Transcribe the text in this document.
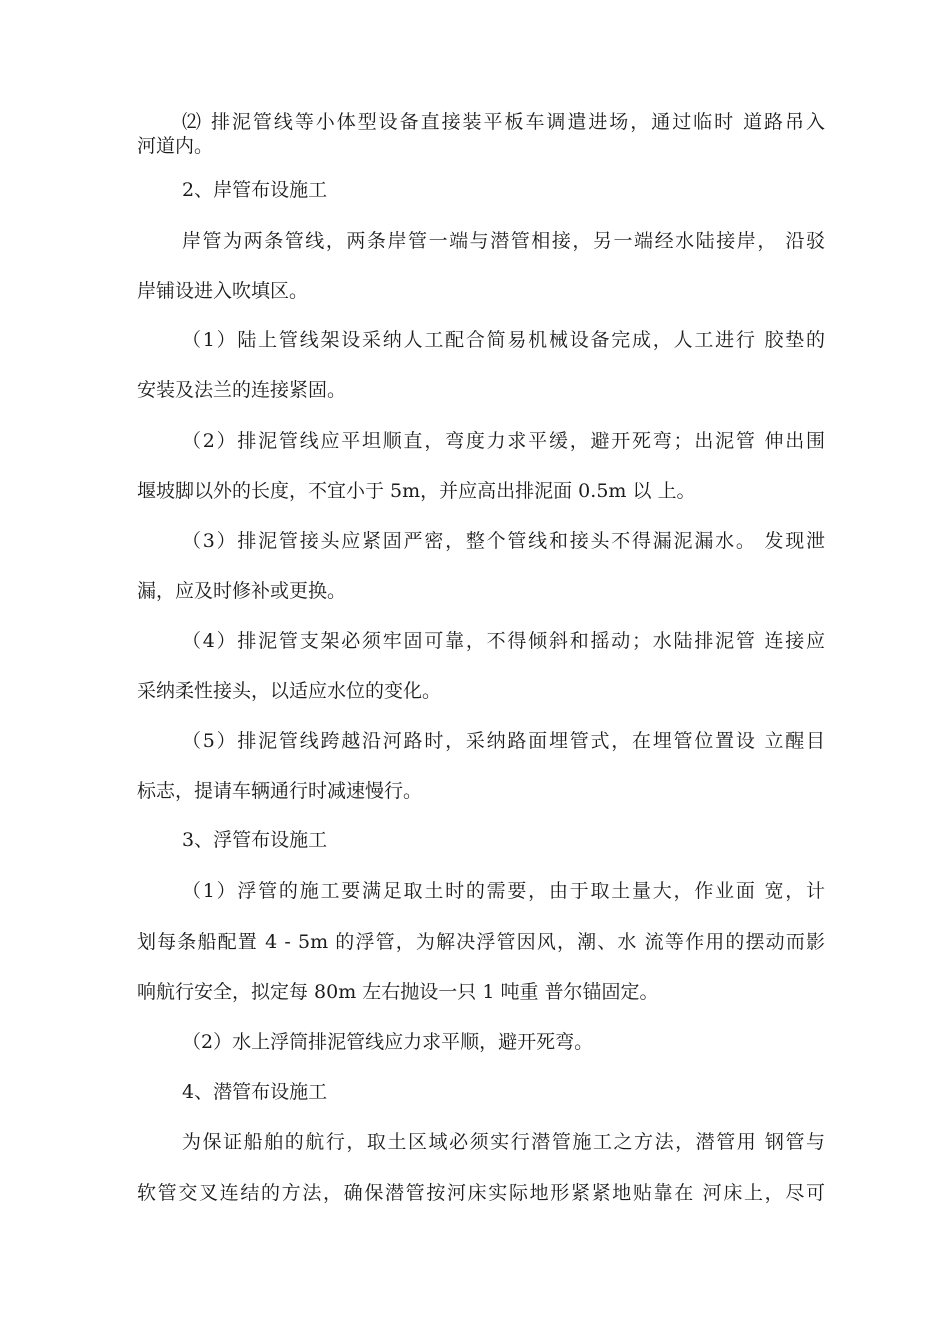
⑵ 排泥管线等小体型设备直接装平板车调遣进场，通过临时 道路吊入
河道内。
2、岸管布设施工
岸管为两条管线，两条岸管一端与潜管相接，另一端经水陆接岸， 沿驳
岸铺设进入吹填区。
（1）陆上管线架设采纳人工配合简易机械设备完成，人工进行 胶垫的
安装及法兰的连接紧固。
（2）排泥管线应平坦顺直，弯度力求平缓，避开死弯；出泥管 伸出围
堰坡脚以外的长度，不宜小于 5m，并应高出排泥面 0.5m 以 上。
（3）排泥管接头应紧固严密，整个管线和接头不得漏泥漏水。 发现泄
漏，应及时修补或更换。
（4）排泥管支架必须牢固可靠，不得倾斜和摇动；水陆排泥管 连接应
采纳柔性接头，以适应水位的变化。
（5）排泥管线跨越沿河路时，采纳路面埋管式，在埋管位置设 立醒目
标志，提请车辆通行时减速慢行。
3、浮管布设施工
（1）浮管的施工要满足取土时的需要，由于取土量大，作业面 宽，计
划每条船配置 4 - 5m 的浮管，为解决浮管因风，潮、水 流等作用的摆动而影
响航行安全，拟定每 80m 左右抛设一只 1 吨重 普尔锚固定。
（2）水上浮筒排泥管线应力求平顺，避开死弯。
4、潜管布设施工
为保证船舶的航行，取土区域必须实行潜管施工之方法，潜管用 钢管与
软管交叉连结的方法，确保潜管按河床实际地形紧紧地贴靠在 河床上，尽可
